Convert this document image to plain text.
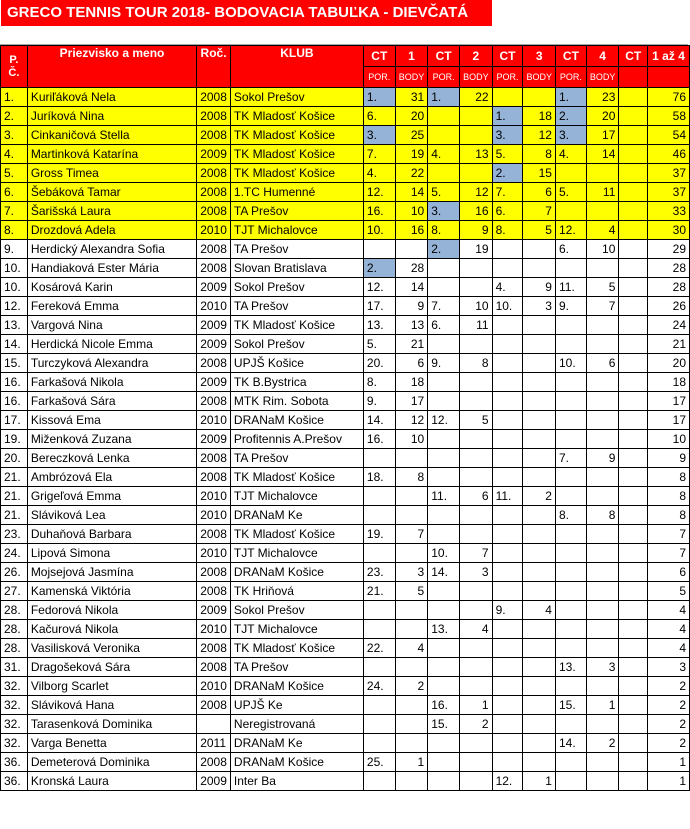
GRECO TENNIS TOUR 2018- BODOVACIA TABUĽKA - DIEVČATÁ
P. Č.	Priezvisko a meno	Roč.	KLUB	CT	1	CT	2	CT	3	CT	4	CT	1 až 4
				POR.	BODY	POR.	BODY	POR.	BODY	POR.	BODY		
1.	Kuriľáková Nela	2008	Sokol Prešov	1.	31	1.	22			1.	23		76
2.	Juríková Nina	2008	TK Mladosť Košice	6.	20			1.	18	2.	20		58
3.	Cinkaničová Stella	2008	TK Mladosť Košice	3.	25			3.	12	3.	17		54
4.	Martinková Katarína	2009	TK Mladosť Košice	7.	19	4.	13	5.	8	4.	14		46
5.	Gross Timea	2008	TK Mladosť Košice	4.	22			2.	15				37
6.	Šebáková Tamar	2008	1.TC Humenné	12.	14	5.	12	7.	6	5.	11		37
7.	Šarišská Laura	2008	TA Prešov	16.	10	3.	16	6.	7				33
8.	Drozdová Adela	2010	TJT Michalovce	10.	16	8.	9	8.	5	12.	4		30
9.	Herdický Alexandra Sofia	2008	TA Prešov			2.	19			6.	10		29
10.	Handiaková Ester Mária	2008	Slovan Bratislava	2.	28								28
10.	Kosárová Karin	2009	Sokol Prešov	12.	14			4.	9	11.	5		28
12.	Fereková Emma	2010	TA Prešov	17.	9	7.	10	10.	3	9.	7		26
13.	Vargová Nina	2009	TK Mladosť Košice	13.	13	6.	11						24
14.	Herdická Nicole Emma	2009	Sokol Prešov	5.	21								21
15.	Turczyková Alexandra	2008	UPJŠ Košice	20.	6	9.	8			10.	6		20
16.	Farkašová Nikola	2009	TK B.Bystrica	8.	18								18
16.	Farkašová Sára	2008	MTK Rim. Sobota	9.	17								17
17.	Kissová Ema	2010	DRANaM Košice	14.	12	12.	5						17
19.	Miženková Zuzana	2009	Profitennis A.Prešov	16.	10								10
20.	Bereczková Lenka	2008	TA Prešov							7.	9		9
21.	Ambrózová Ela	2008	TK Mladosť Košice	18.	8								8
21.	Grigeľová Emma	2010	TJT Michalovce			11.	6	11.	2				8
21.	Sláviková Lea	2010	DRANaM Ke							8.	8		8
23.	Duhaňová Barbara	2008	TK Mladosť Košice	19.	7								7
24.	Lipová Simona	2010	TJT Michalovce			10.	7						7
26.	Mojsejová Jasmína	2008	DRANaM Košice	23.	3	14.	3						6
27.	Kamenská Viktória	2008	TK Hriňová	21.	5								5
28.	Fedorová Nikola	2009	Sokol Prešov					9.	4				4
28.	Kačurová Nikola	2010	TJT Michalovce			13.	4						4
28.	Vasilisková Veronika	2008	TK Mladosť Košice	22.	4								4
31.	Dragošeková Sára	2008	TA Prešov							13.	3		3
32.	Vilborg Scarlet	2010	DRANaM Košice	24.	2								2
32.	Sláviková Hana	2008	UPJŠ Ke			16.	1			15.	1		2
32.	Tarasenková Dominika		Neregistrovaná			15.	2						2
32.	Varga Benetta	2011	DRANaM Ke							14.	2		2
36.	Demeterová Dominika	2008	DRANaM Košice	25.	1								1
36.	Kronská Laura	2009	Inter Ba					12.	1				1
